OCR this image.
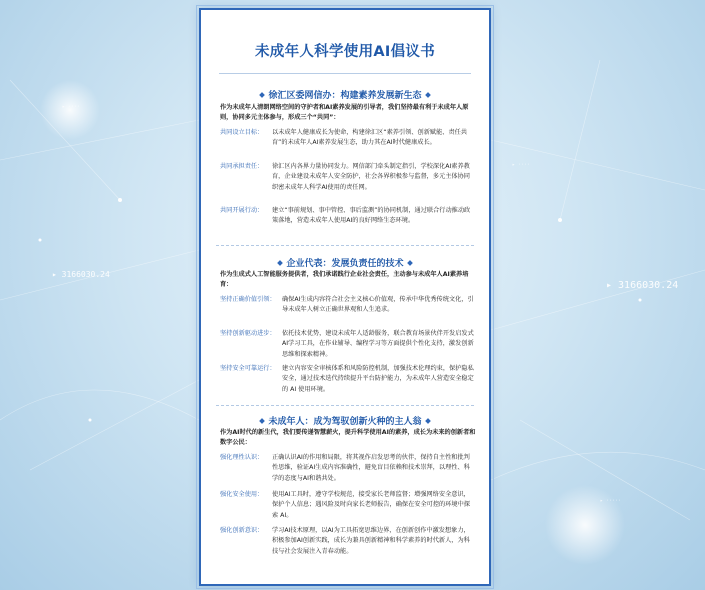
▸ 3166030.24
▸ 3166030.24
▸ ····
▸ ·····
▸ ····
未成年人科学使用AI倡议书
徐汇区委网信办：构建素养发展新生态
作为未成年人清朗网络空间的守护者和AI素养发展的引导者，我们坚持最有利于未成年人原则，协同多元主体参与，形成三个“共同”：
共同设立目标： 以未成年人健康成长为使命，构建徐汇区“素养引领、创新赋能、责任共育”的未成年人AI素养发展生态，助力其在AI时代健康成长。
共同承担责任： 徐汇区内各界力量协同发力。网信部门牵头制定指引，学校深化AI素养教育，企业建设未成年人安全防护，社会各界积极参与监督，多元主体协同织密未成年人科学AI使用的责任网。
共同开展行动： 建立“事前规划、事中管控、事后监测”的协同机制，通过联合行动推动政策落地，营造未成年人使用AI的良好网络生态环境。
企业代表：发展负责任的技术
作为生成式人工智能服务提供者，我们承诺践行企业社会责任，主动参与未成年人AI素养培育：
坚持正确价值引领： 确保AI生成内容符合社会主义核心价值观，传承中华优秀传统文化，引导未成年人树立正确世界观和人生追求。
坚持创新驱动进步： 依托技术优势，建设未成年人适龄服务，联合教育场景伙伴开发启发式AI学习工具，在作业辅导、编程学习等方面提供个性化支持，激发创新思维和探索精神。
坚持安全可靠运行： 建立内容安全审核体系和风险防控机制，加强技术伦理约束，保护隐私安全，通过技术迭代持续提升平台防护能力，为未成年人营造安全稳定的 AI 使用环境。
未成年人：成为驾驭创新火种的主人翁
作为AI时代的新生代，我们要传递智慧薪火，提升科学使用AI的素养，成长为未来的创新者和数字公民：
强化理性认识： 正确认识AI的作用和局限，将其视作启发思考的伙伴，保持自主性和批判性思维，验证AI生成内容准确性，避免盲目依赖和技术崇拜，以理性、科学的态度与AI和谐共处。
强化安全使用： 使用AI工具时，遵守学校规范，接受家长老师监督；增强网络安全意识，保护个人信息；遇风险及时向家长老师报告，确保在安全可控的环境中探索 AI。
强化创新意识： 学习AI技术原理，以AI为工具拓宽思维边界，在创新创作中激发想象力，积极参加AI创新实践，成长为兼具创新精神和科学素养的时代新人，为科技与社会发展注入青春动能。
